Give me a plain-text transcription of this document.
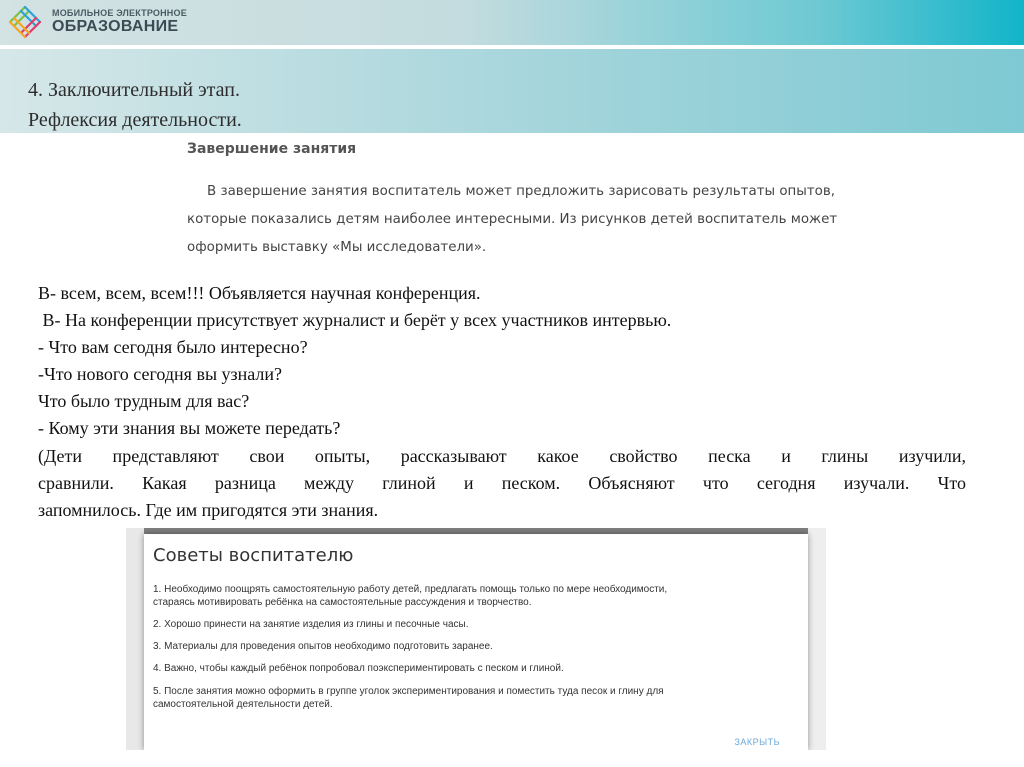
МОБИЛЬНОЕ ЭЛЕКТРОННОЕ
ОБРАЗОВАНИЕ
4. Заключительный этап.
Рефлексия деятельности.
Завершение занятия
В завершение занятия воспитатель может предложить зарисовать результаты опытов,
которые показались детям наиболее интересными. Из рисунков детей воспитатель может
оформить выставку «Мы исследователи».
В- всем, всем, всем!!! Объявляется научная конференция.
В- На конференции присутствует журналист и берёт у всех участников интервью.
- Что вам сегодня было интересно?
-Что нового сегодня вы узнали?
Что было трудным для вас?
- Кому эти знания вы можете передать?
(Дети представляют свои опыты, рассказывают какое свойство песка и глины изучили,
сравнили. Какая разница между глиной и песком. Объясняют что сегодня изучали. Что
запомнилось. Где им пригодятся эти знания.
Советы воспитателю
1. Необходимо поощрять самостоятельную работу детей, предлагать помощь только по мере необходимости,
стараясь мотивировать ребёнка на самостоятельные рассуждения и творчество.
2. Хорошо принести на занятие изделия из глины и песочные часы.
3. Материалы для проведения опытов необходимо подготовить заранее.
4. Важно, чтобы каждый ребёнок попробовал поэкспериментировать с песком и глиной.
5. После занятия можно оформить в группе уголок экспериментирования и поместить туда песок и глину для
самостоятельной деятельности детей.
ЗАКРЫТЬ
